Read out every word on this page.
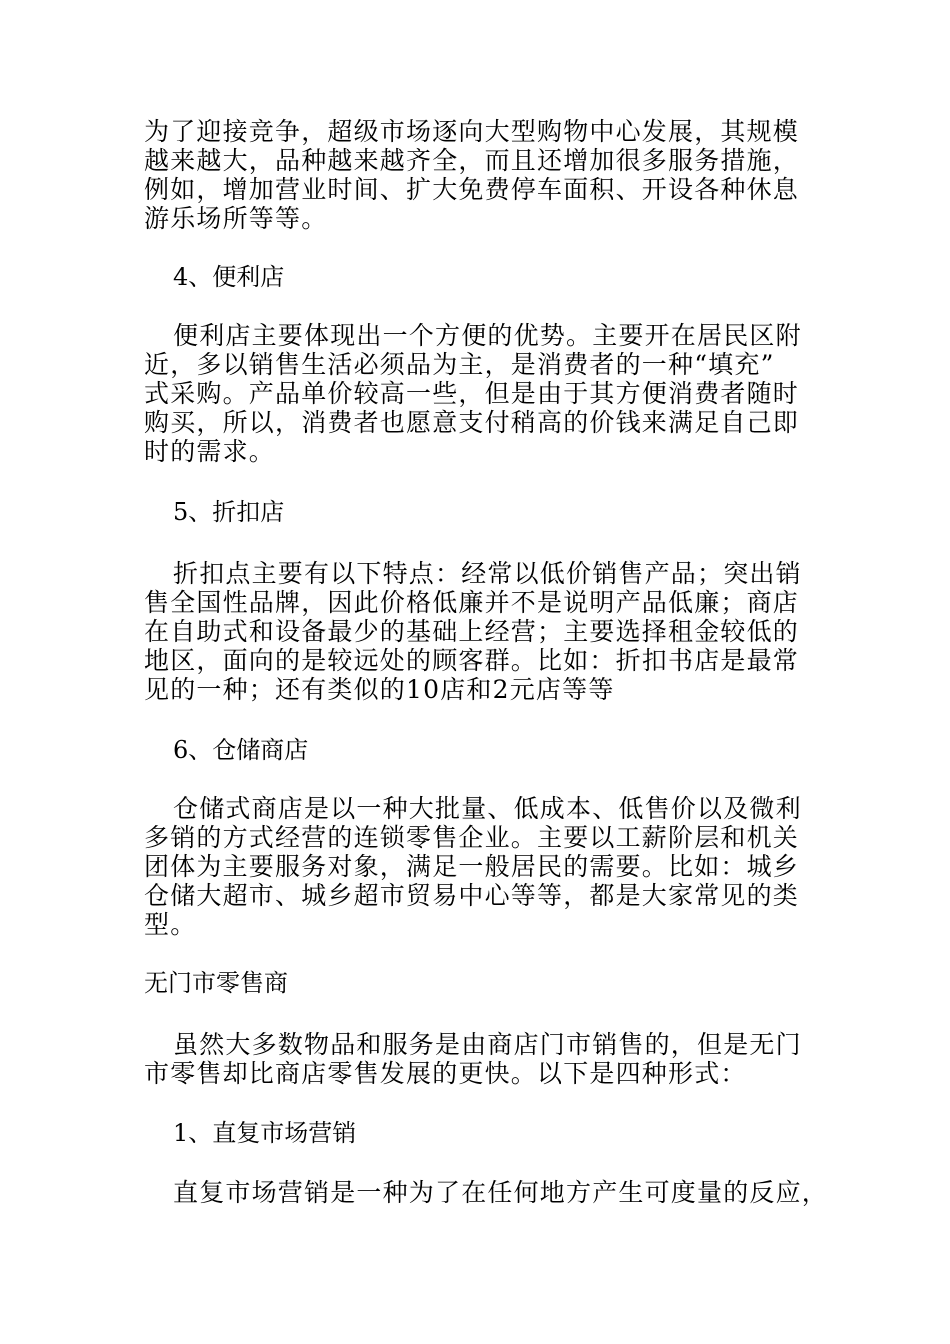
为了迎接竞争，超级市场逐向大型购物中心发展，其规模
越来越大，品种越来越齐全，而且还增加很多服务措施，
例如，增加营业时间、扩大免费停车面积、开设各种休息
游乐场所等等。

4、便利店

便利店主要体现出一个方便的优势。主要开在居民区附
近，多以销售生活必须品为主，是消费者的一种“填充”
式采购。产品单价较高一些，但是由于其方便消费者随时
购买，所以，消费者也愿意支付稍高的价钱来满足自己即
时的需求。

5、折扣店

折扣点主要有以下特点：经常以低价销售产品；突出销
售全国性品牌，因此价格低廉并不是说明产品低廉；商店
在自助式和设备最少的基础上经营；主要选择租金较低的
地区，面向的是较远处的顾客群。比如：折扣书店是最常
见的一种；还有类似的10店和2元店等等

6、仓储商店

仓储式商店是以一种大批量、低成本、低售价以及微利
多销的方式经营的连锁零售企业。主要以工薪阶层和机关
团体为主要服务对象，满足一般居民的需要。比如：城乡
仓储大超市、城乡超市贸易中心等等，都是大家常见的类
型。

无门市零售商

虽然大多数物品和服务是由商店门市销售的，但是无门
市零售却比商店零售发展的更快。以下是四种形式：

1、直复市场营销

直复市场营销是一种为了在任何地方产生可度量的反应，
